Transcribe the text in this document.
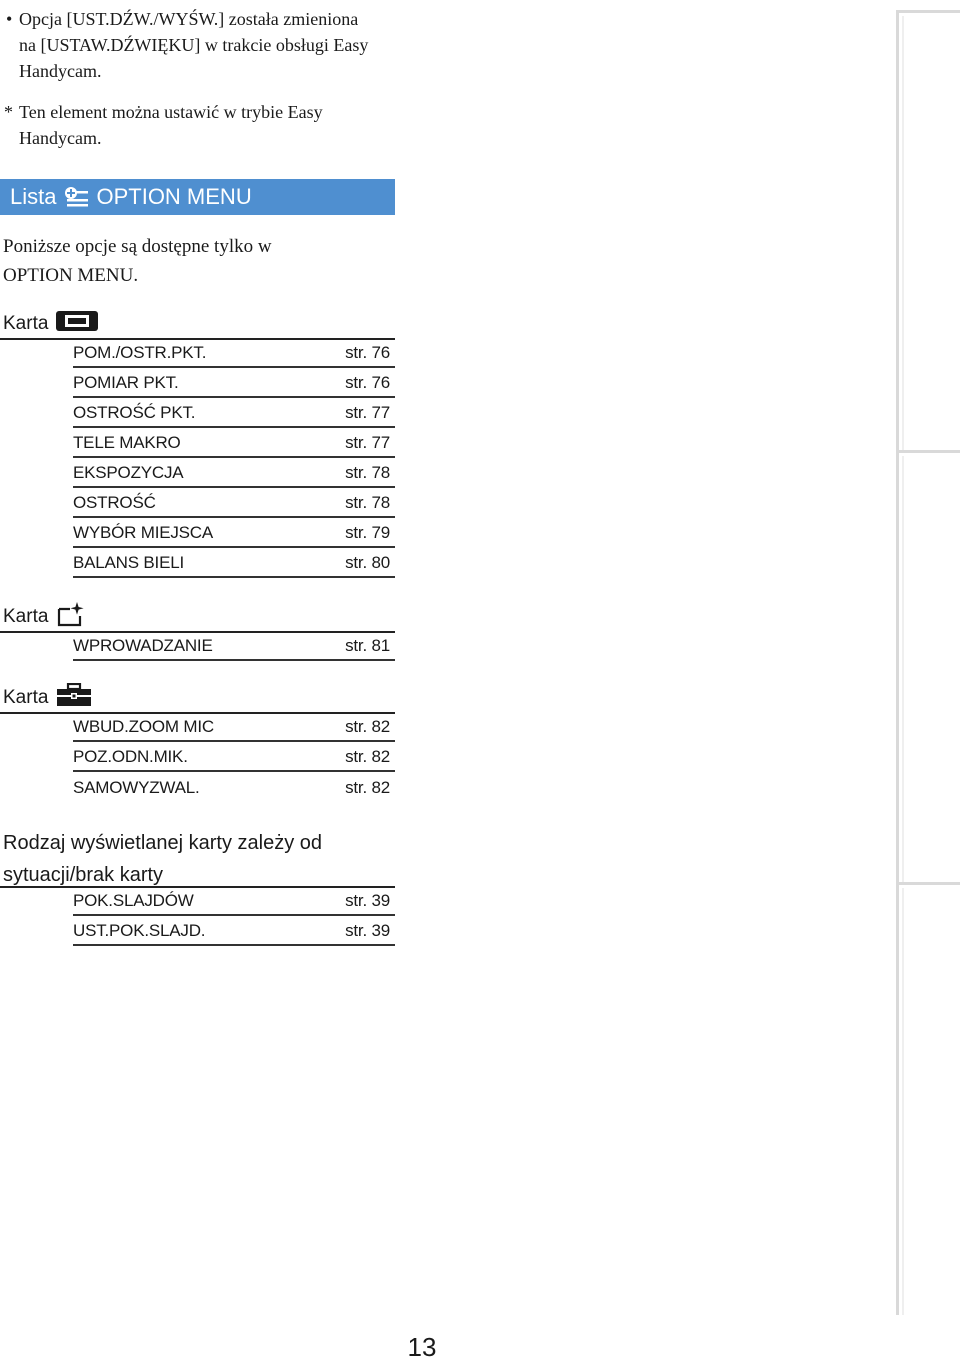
• Opcja [UST.DŹW./WYŚW.] została zmieniona
na [USTAW.DŹWIĘKU] w trakcie obsługi Easy
Handycam.
* Ten element można ustawić w trybie Easy
Handycam.
Lista OPTION MENU
Poniższe opcje są dostępne tylko w
OPTION MENU.
Karta
POM./OSTR.PKT.	str. 76
POMIAR PKT.	str. 76
OSTROŚĆ PKT.	str. 77
TELE MAKRO	str. 77
EKSPOZYCJA	str. 78
OSTROŚĆ	str. 78
WYBÓR MIEJSCA	str. 79
BALANS BIELI	str. 80
Karta
WPROWADZANIE	str. 81
Karta
WBUD.ZOOM MIC	str. 82
POZ.ODN.MIK.	str. 82
SAMOWYZWAL.	str. 82
Rodzaj wyświetlanej karty zależy od
sytuacji/brak karty
POK.SLAJDÓW	str. 39
UST.POK.SLAJD.	str. 39
13
